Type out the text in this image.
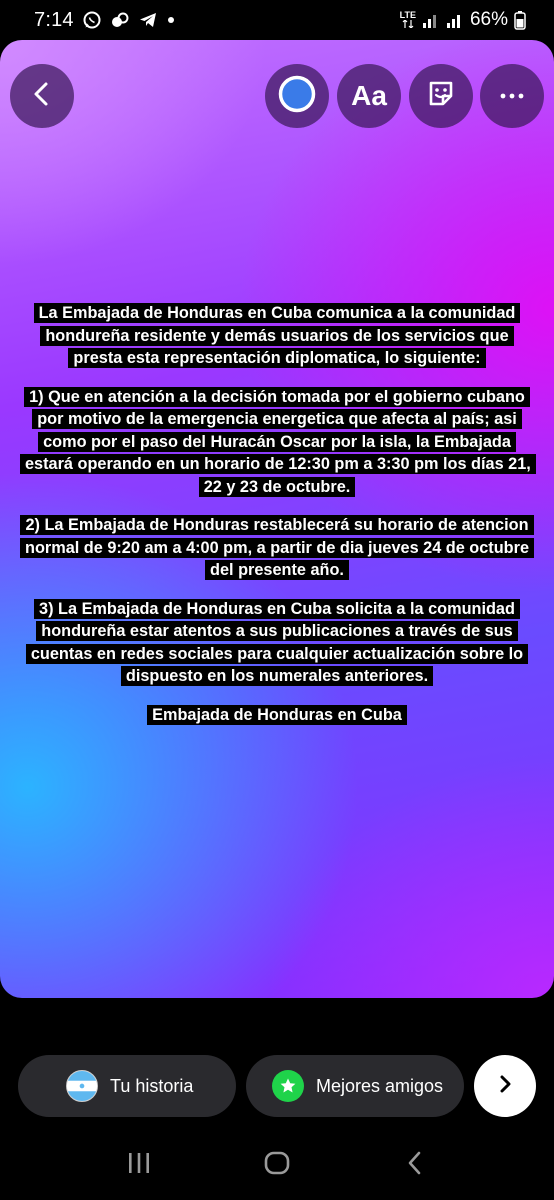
7:14	LTE	66%
Aa

La Embajada de Honduras en Cuba comunica a la comunidad hondureña residente y demás usuarios de los servicios que presta esta representación diplomatica, lo siguiente:

1) Que en atención a la decisión tomada por el gobierno cubano por motivo de la emergencia energetica que afecta al país; asi como por el paso del Huracán Oscar por la isla, la Embajada estará operando en un horario de 12:30 pm a 3:30 pm los días 21, 22 y 23 de octubre.

2) La Embajada de Honduras restablecerá su horario de atencion normal de 9:20 am a 4:00 pm, a partir de dia jueves 24 de octubre del presente año.

3) La Embajada de Honduras en Cuba solicita a la comunidad hondureña estar atentos a sus publicaciones a través de sus cuentas en redes sociales para cualquier actualización sobre lo dispuesto en los numerales anteriores.

Embajada de Honduras en Cuba

Tu historia	Mejores amigos
